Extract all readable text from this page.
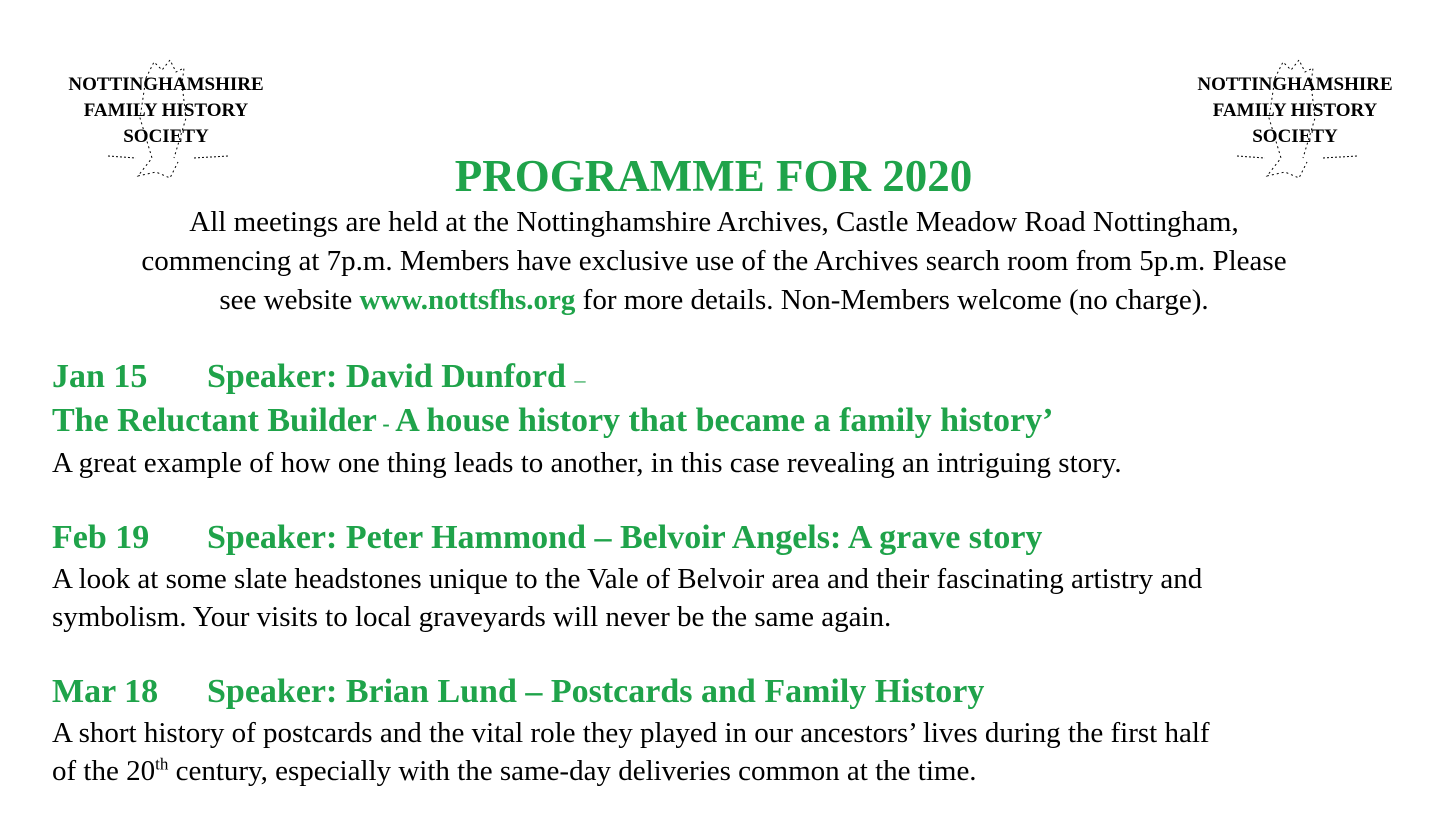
NOTTINGHAMSHIRE
FAMILY HISTORY
SOCIETY
NOTTINGHAMSHIRE
FAMILY HISTORY
SOCIETY
PROGRAMME FOR 2020
All meetings are held at the Nottinghamshire Archives, Castle Meadow Road Nottingham,
commencing at 7p.m. Members have exclusive use of the Archives search room from 5p.m. Please
see website www.nottsfhs.org for more details. Non-Members welcome (no charge).
Jan 15 Speaker: David Dunford –
The Reluctant Builder - A house history that became a family history’
A great example of how one thing leads to another, in this case revealing an intriguing story.
Feb 19 Speaker: Peter Hammond – Belvoir Angels: A grave story
A look at some slate headstones unique to the Vale of Belvoir area and their fascinating artistry and
symbolism. Your visits to local graveyards will never be the same again.
Mar 18 Speaker: Brian Lund – Postcards and Family History
A short history of postcards and the vital role they played in our ancestors’ lives during the first half
of the 20th century, especially with the same-day deliveries common at the time.
